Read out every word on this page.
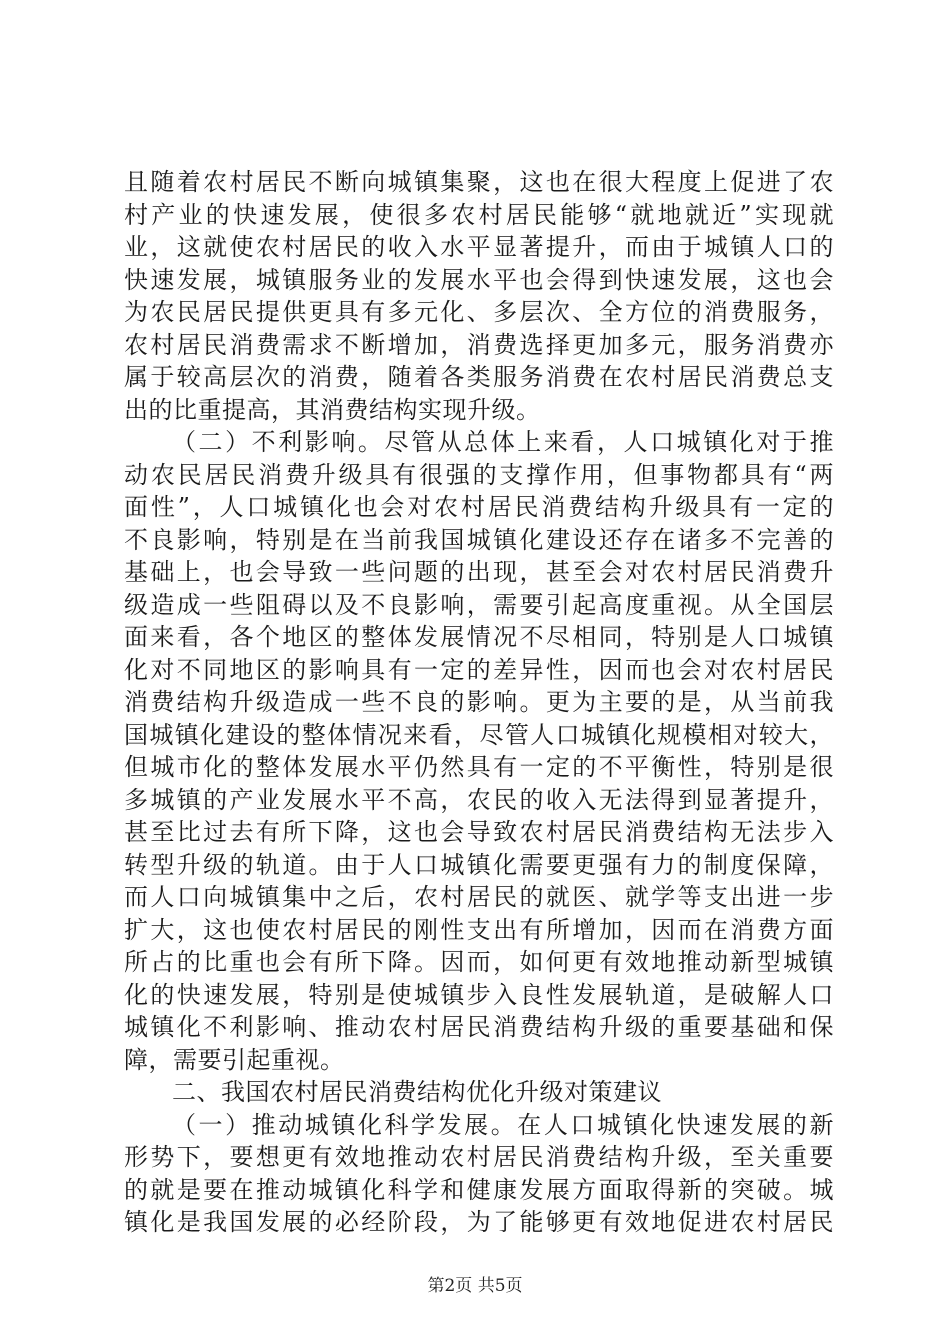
且随着农村居民不断向城镇集聚，这也在很大程度上促进了农
村产业的快速发展，使很多农村居民能够“就地就近”实现就
业，这就使农村居民的收入水平显著提升，而由于城镇人口的
快速发展，城镇服务业的发展水平也会得到快速发展，这也会
为农民居民提供更具有多元化、多层次、全方位的消费服务，
农村居民消费需求不断增加，消费选择更加多元，服务消费亦
属于较高层次的消费，随着各类服务消费在农村居民消费总支
出的比重提高，其消费结构实现升级。
（二）不利影响。尽管从总体上来看，人口城镇化对于推
动农民居民消费升级具有很强的支撑作用，但事物都具有“两
面性”，人口城镇化也会对农村居民消费结构升级具有一定的
不良影响，特别是在当前我国城镇化建设还存在诸多不完善的
基础上，也会导致一些问题的出现，甚至会对农村居民消费升
级造成一些阻碍以及不良影响，需要引起高度重视。从全国层
面来看，各个地区的整体发展情况不尽相同，特别是人口城镇
化对不同地区的影响具有一定的差异性，因而也会对农村居民
消费结构升级造成一些不良的影响。更为主要的是，从当前我
国城镇化建设的整体情况来看，尽管人口城镇化规模相对较大，
但城市化的整体发展水平仍然具有一定的不平衡性，特别是很
多城镇的产业发展水平不高，农民的收入无法得到显著提升，
甚至比过去有所下降，这也会导致农村居民消费结构无法步入
转型升级的轨道。由于人口城镇化需要更强有力的制度保障，
而人口向城镇集中之后，农村居民的就医、就学等支出进一步
扩大，这也使农村居民的刚性支出有所增加，因而在消费方面
所占的比重也会有所下降。因而，如何更有效地推动新型城镇
化的快速发展，特别是使城镇步入良性发展轨道，是破解人口
城镇化不利影响、推动农村居民消费结构升级的重要基础和保
障，需要引起重视。
二、我国农村居民消费结构优化升级对策建议
（一）推动城镇化科学发展。在人口城镇化快速发展的新
形势下，要想更有效地推动农村居民消费结构升级，至关重要
的就是要在推动城镇化科学和健康发展方面取得新的突破。城
镇化是我国发展的必经阶段，为了能够更有效地促进农村居民
第2页 共5页
